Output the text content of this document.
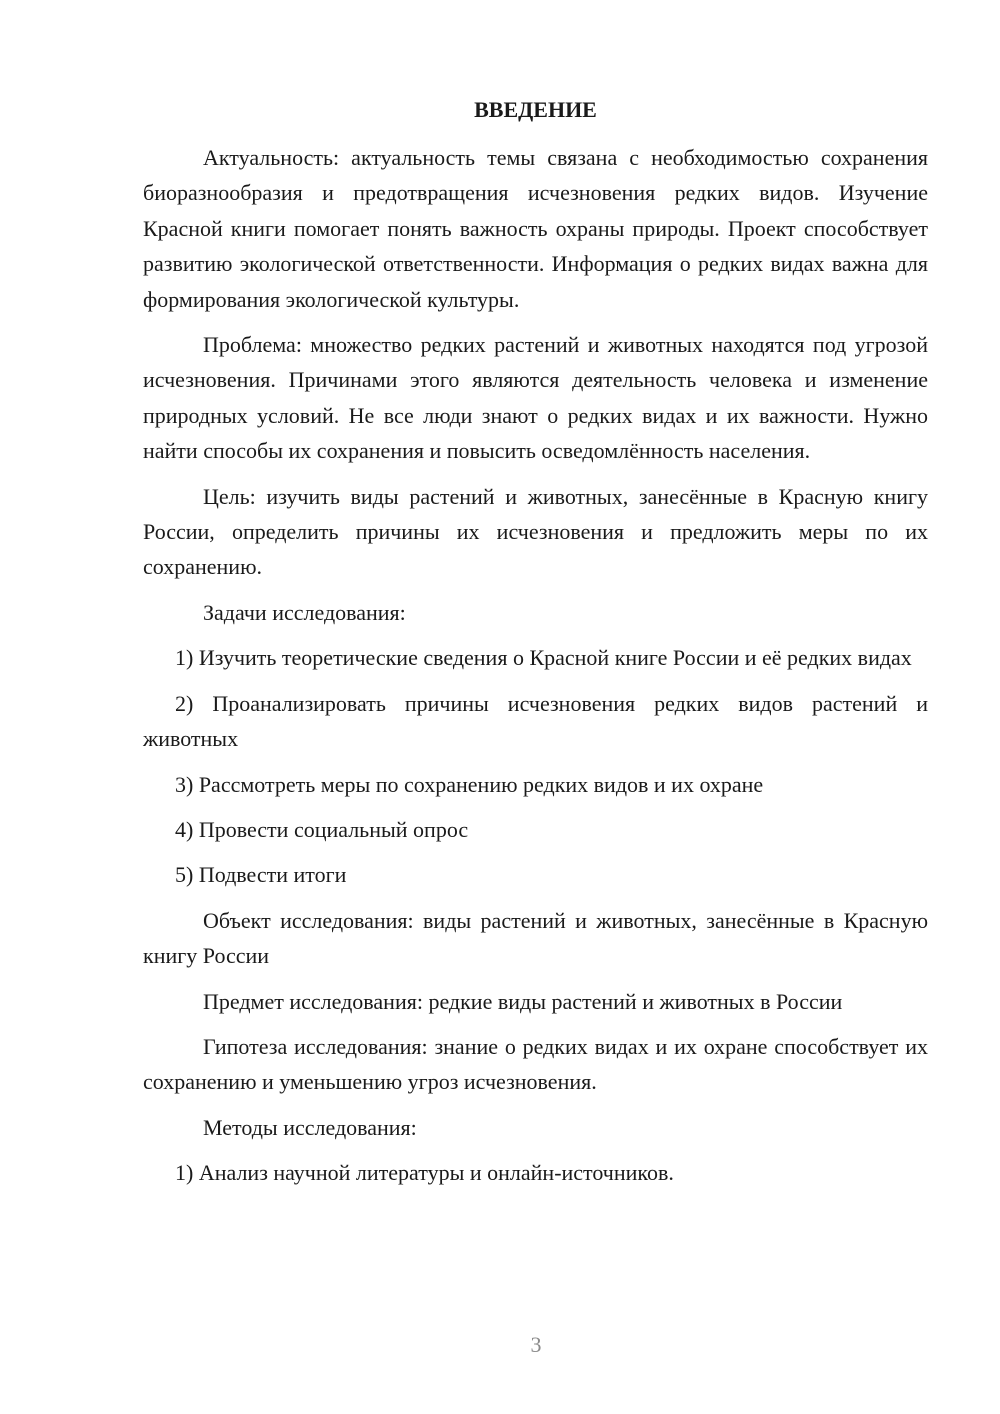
ВВЕДЕНИЕ

Актуальность: актуальность темы связана с необходимостью сохранения биоразнообразия и предотвращения исчезновения редких видов. Изучение Красной книги помогает понять важность охраны природы. Проект способствует развитию экологической ответственности. Информация о редких видах важна для формирования экологической культуры.

Проблема: множество редких растений и животных находятся под угрозой исчезновения. Причинами этого являются деятельность человека и изменение природных условий. Не все люди знают о редких видах и их важности. Нужно найти способы их сохранения и повысить осведомлённость населения.

Цель: изучить виды растений и животных, занесённые в Красную книгу России, определить причины их исчезновения и предложить меры по их сохранению.

Задачи исследования:

1) Изучить теоретические сведения о Красной книге России и её редких видах

2) Проанализировать причины исчезновения редких видов растений и животных

3) Рассмотреть меры по сохранению редких видов и их охране

4) Провести социальный опрос

5) Подвести итоги

Объект исследования: виды растений и животных, занесённые в Красную книгу России

Предмет исследования: редкие виды растений и животных в России

Гипотеза исследования: знание о редких видах и их охране способствует их сохранению и уменьшению угроз исчезновения.

Методы исследования:

1) Анализ научной литературы и онлайн-источников.

3
